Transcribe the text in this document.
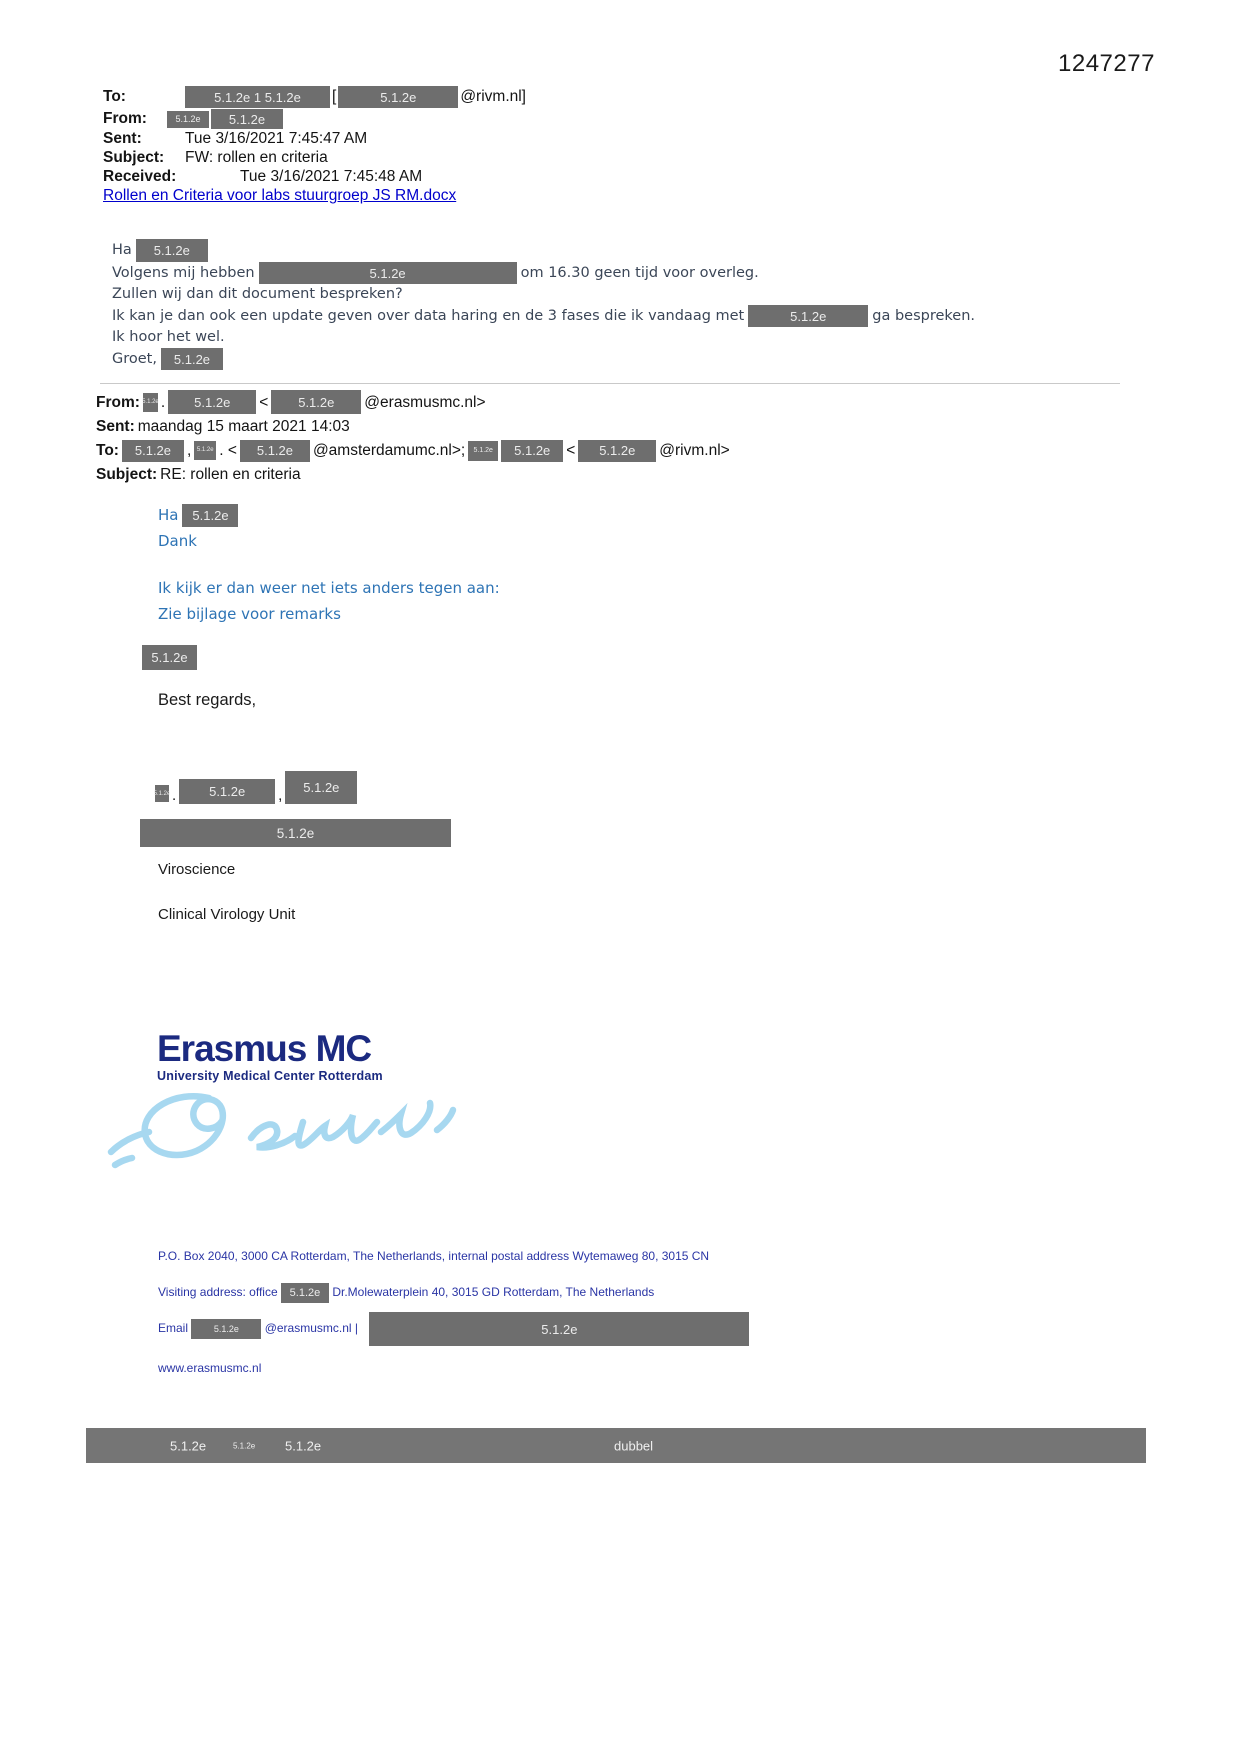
1247277
To:	5.1.2e 1 5.1.2e	[	5.1.2e	@rivm.nl]
From:	5.1.2e	5.1.2e
Sent:	Tue 3/16/2021 7:45:47 AM
Subject:	FW: rollen en criteria
Received:	Tue 3/16/2021 7:45:48 AM
Rollen en Criteria voor labs stuurgroep JS RM.docx
Ha	5.1.2e
Volgens mij hebben	5.1.2e	om 16.30 geen tijd voor overleg.
Zullen wij dan dit document bespreken?
Ik kan je dan ook een update geven over data haring en de 3 fases die ik vandaag met	5.1.2e	ga bespreken.
Ik hoor het wel.
Groet,	5.1.2e
From: 5.1.2e .	5.1.2e	<	5.1.2e	@erasmusmc.nl>
Sent: maandag 15 maart 2021 14:03
To:	5.1.2e	, 5.1.2e . <	5.1.2e	@amsterdamumc.nl>;	5.1.2e	5.1.2e	<	5.1.2e	@rivm.nl>
Subject: RE: rollen en criteria
Ha	5.1.2e
Dank
Ik kijk er dan weer net iets anders tegen aan:
Zie bijlage voor remarks
5.1.2e
Best regards,
5.1.2e .	5.1.2e	,	5.1.2e
5.1.2e
Viroscience
Clinical Virology Unit
Erasmus MC
University Medical Center Rotterdam
P.O. Box 2040, 3000 CA Rotterdam, The Netherlands, internal postal address Wytemaweg 80, 3015 CN
Visiting address: office 5.1.2e Dr.Molewaterplein 40, 3015 GD Rotterdam, The Netherlands
Email	5.1.2e @erasmusmc.nl |	5.1.2e
www.erasmusmc.nl
5.1.2e	5.1.2e 5.1.2e	dubbel
